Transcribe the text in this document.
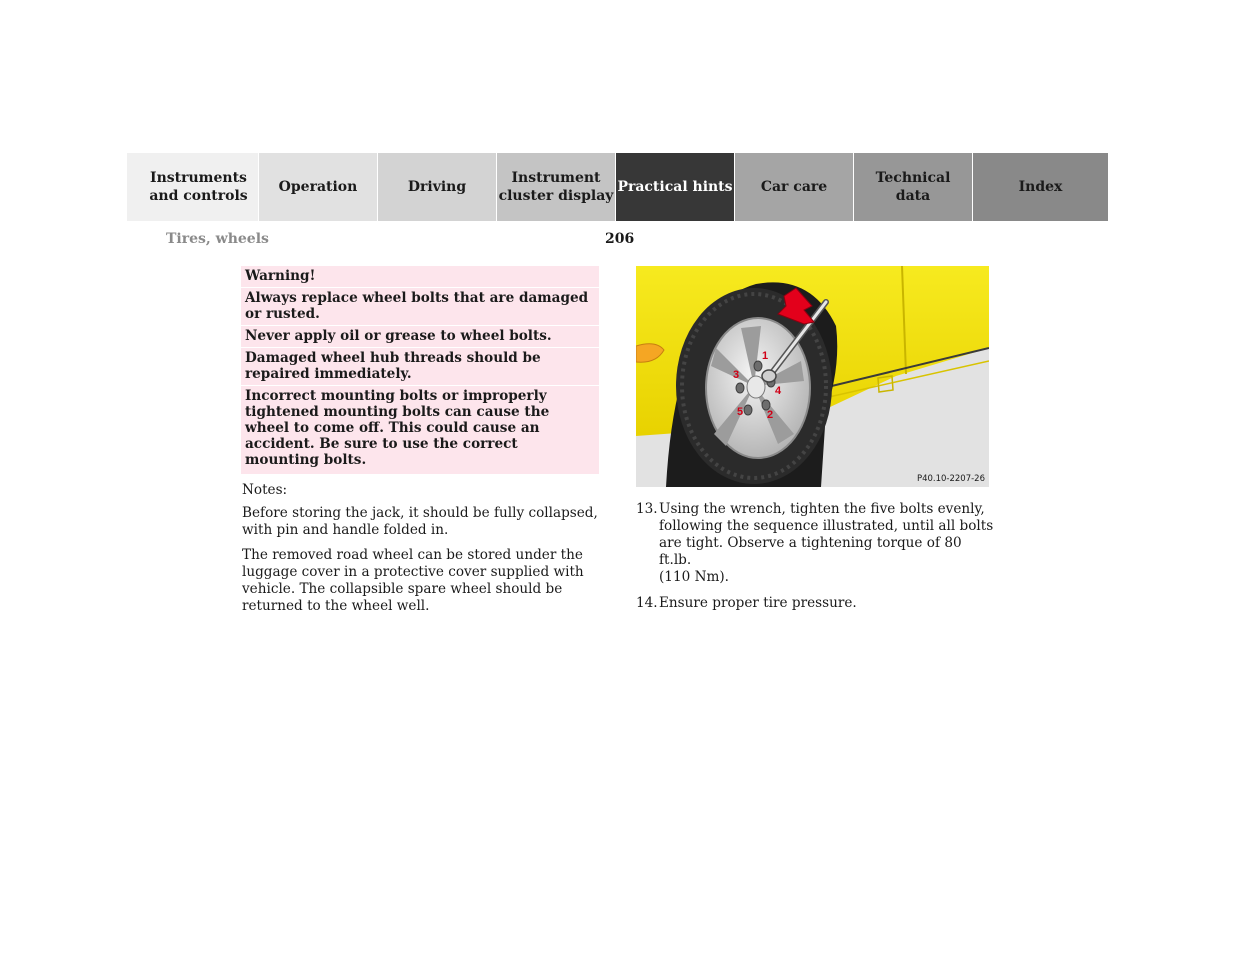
Instruments
and controls
Operation	Driving
Instrument
cluster display
Practical hints Car care
Technical
data
Index
Tires, wheels	206
Warning!
Always replace wheel bolts that are damaged or rusted.
Never apply oil or grease to wheel bolts.
Damaged wheel hub threads should be repaired immediately.
Incorrect mounting bolts or improperly tightened mounting bolts can cause the wheel to come off. This could cause an accident. Be sure to use the correct mounting bolts.

Notes:

Before storing the jack, it should be fully collapsed, with pin and handle folded in.

The removed road wheel can be stored under the luggage cover in a protective cover supplied with vehicle. The collapsible spare wheel should be returned to the wheel well.

1
2
3
4
5
P40.10-2207-26
13. Using the wrench, tighten the five bolts evenly, following the sequence illustrated, until all bolts are tight. Observe a tightening torque of 80 ft.lb.
(110 Nm).
14. Ensure proper tire pressure.
